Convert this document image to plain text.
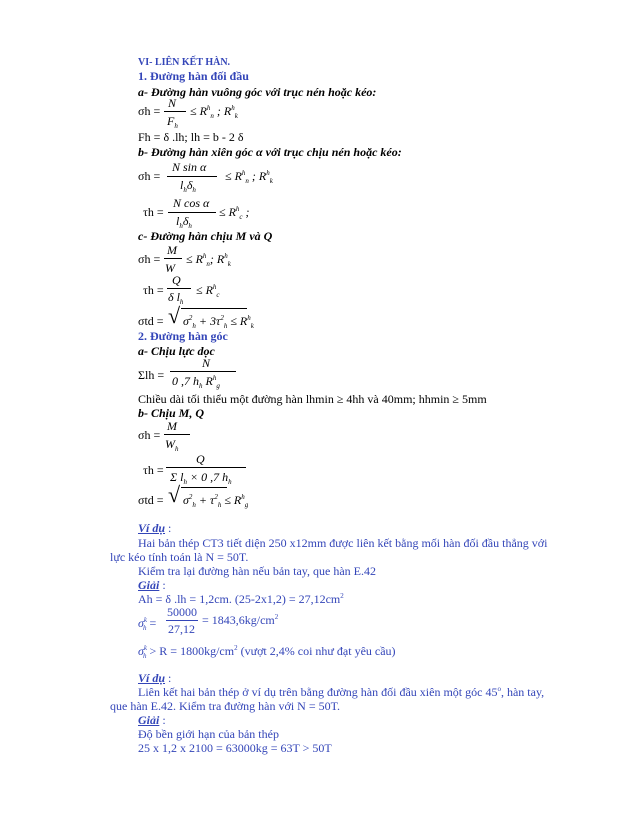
VI- LIÊN KẾT HÀN.
1. Đường hàn đối đầu
a- Đường hàn vuông góc với trục nén hoặc kéo:
σh =
N
$F_h$
≤ $R^h_n$ ; $R^h_k$
Fh = δ .lh; lh = b - 2 δ
b- Đường hàn xiên góc α với trục chịu nén hoặc kéo:
σh =
N sin α
$l_h\delta_h$
≤ $R^h_n$ ; $R^h_k$
τh =
N cos α
$l_h\delta_h$
≤ $R^h_c$ ;
c- Đường hàn chịu M và Q
σh =
M
W
≤ $R^h_n$; $R^h_k$
τh =
Q
δ $l_h$
≤ $R^h_c$
σtd = √ $\sigma^2_h + 3\tau^2_h \le R^h_k$
2. Đường hàn góc
a- Chịu lực dọc
Σlh =
N
0 ,7 $h_h$ $R^h_g$
Chiều dài tối thiểu một đường hàn lhmin ≥ 4hh và 40mm; hhmin ≥ 5mm
b- Chịu M, Q
σh =
M
$W_h$
τh =
Q
Σ $l_h \times 0$ ,7 $h_h$
σtd = √ $\sigma^2_h + \tau^2_h \le R^h_g$
Ví dụ :
Hai bản thép CT3 tiết diện 250 x12mm được liên kết bằng mối hàn đối đầu thẳng với
lực kéo tính toán là N = 50T.
Kiểm tra lại đường hàn nếu bản tay, que hàn E.42
Giải :
Ah = δ .lh = 1,2cm. $(25-2x1,2) = 27,12cm^2$
$\sigma^k_h$ =
50000
27,12
= $1843,6kg/cm^2$
$\sigma^k_h > R = 1800kg/cm^2$ (vượt 2,4% coi như đạt yêu cầu)
Ví dụ :
Liên kết hai bản thép ở ví dụ trên bằng đường hàn đối đầu xiên một góc 45$^o$, hàn tay,
que hàn E.42. Kiểm tra đường hàn với N = 50T.
Giải :
Độ bền giới hạn của bản thép
25 x 1,2 x 2100 = 63000kg = 63T > 50T
